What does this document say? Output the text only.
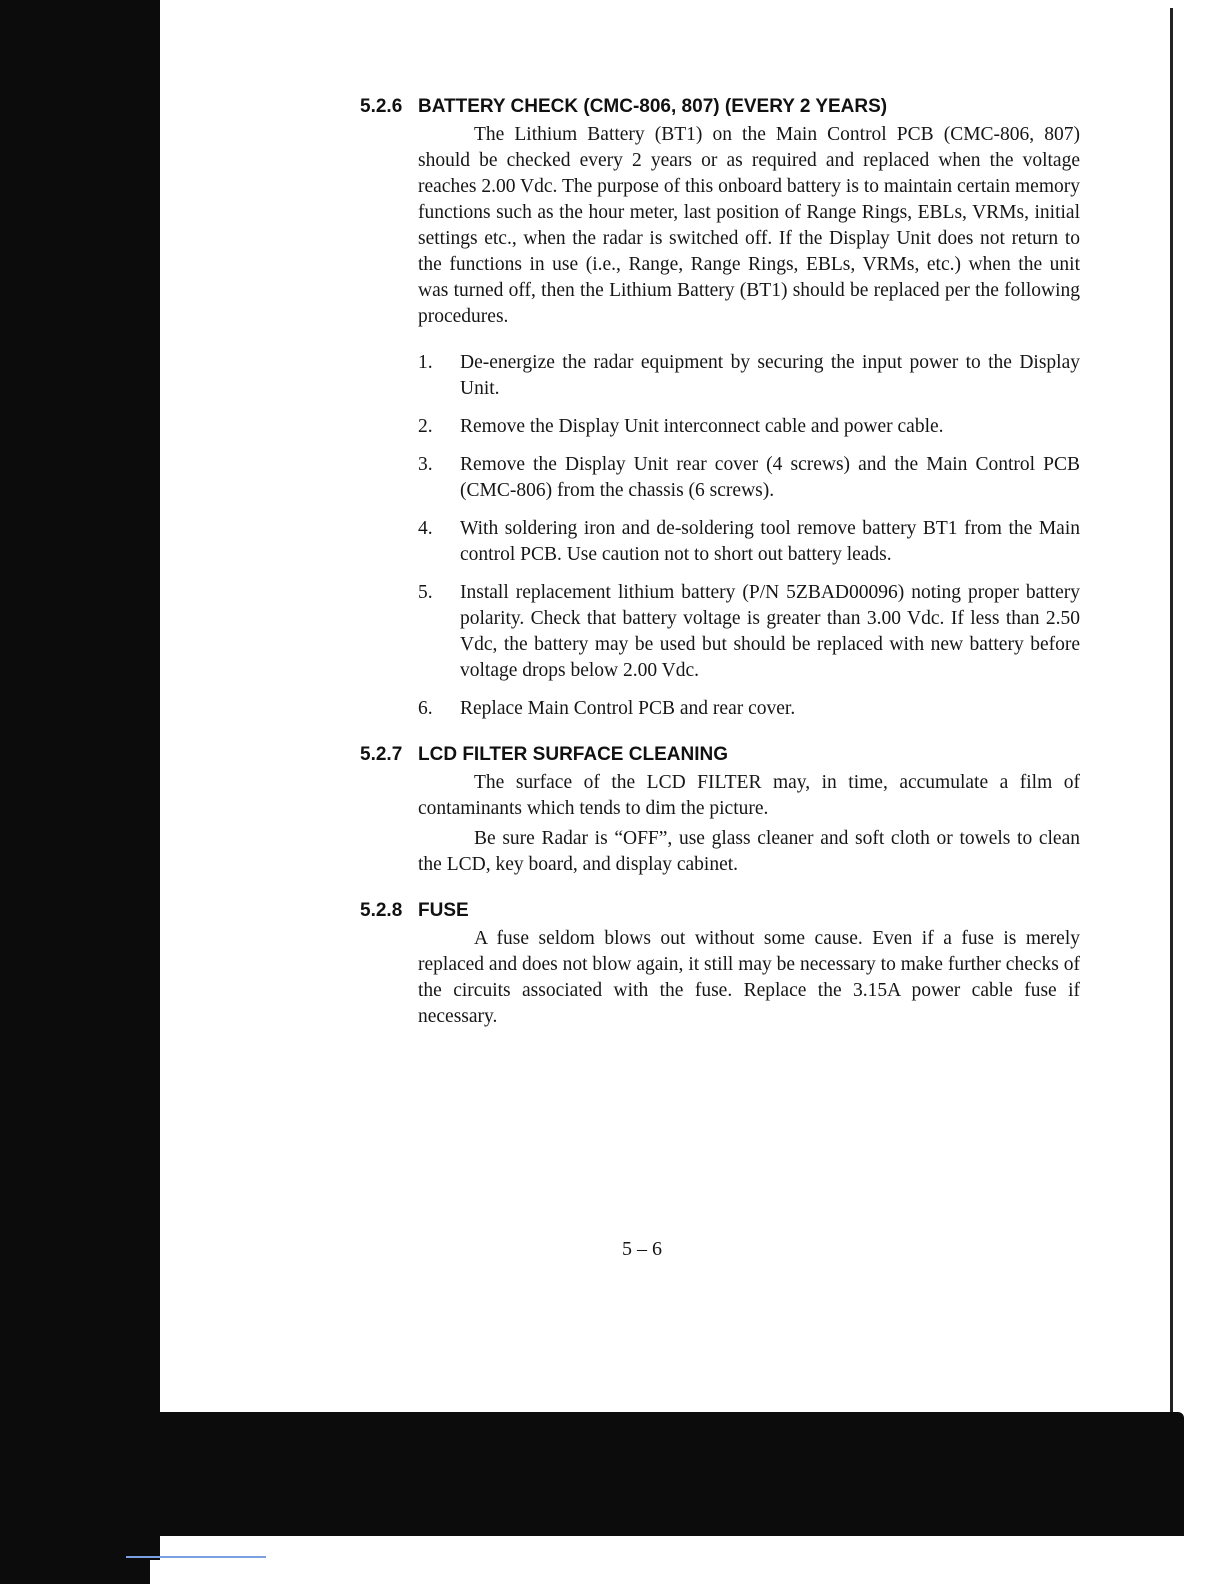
5.2.6 BATTERY CHECK (CMC-806, 807) (EVERY 2 YEARS)

The Lithium Battery (BT1) on the Main Control PCB (CMC-806, 807) should be checked every 2 years or as required and replaced when the voltage reaches 2.00 Vdc. The purpose of this onboard battery is to maintain certain memory functions such as the hour meter, last position of Range Rings, EBLs, VRMs, initial settings etc., when the radar is switched off. If the Display Unit does not return to the functions in use (i.e., Range, Range Rings, EBLs, VRMs, etc.) when the unit was turned off, then the Lithium Battery (BT1) should be replaced per the following procedures.

1.	De-energize the radar equipment by securing the input power to the Display Unit.
2.	Remove the Display Unit interconnect cable and power cable.
3.	Remove the Display Unit rear cover (4 screws) and the Main Control PCB (CMC-806) from the chassis (6 screws).
4.	With soldering iron and de-soldering tool remove battery BT1 from the Main control PCB. Use caution not to short out battery leads.
5.	Install replacement lithium battery (P/N 5ZBAD00096) noting proper battery polarity. Check that battery voltage is greater than 3.00 Vdc. If less than 2.50 Vdc, the battery may be used but should be replaced with new battery before voltage drops below 2.00 Vdc.
6.	Replace Main Control PCB and rear cover.
5.2.7 LCD FILTER SURFACE CLEANING

The surface of the LCD FILTER may, in time, accumulate a film of contaminants which tends to dim the picture.

Be sure Radar is “OFF”, use glass cleaner and soft cloth or towels to clean the LCD, key board, and display cabinet.

5.2.8 FUSE

A fuse seldom blows out without some cause. Even if a fuse is merely replaced and does not blow again, it still may be necessary to make further checks of the circuits associated with the fuse. Replace the 3.15A power cable fuse if necessary.

5 – 6
